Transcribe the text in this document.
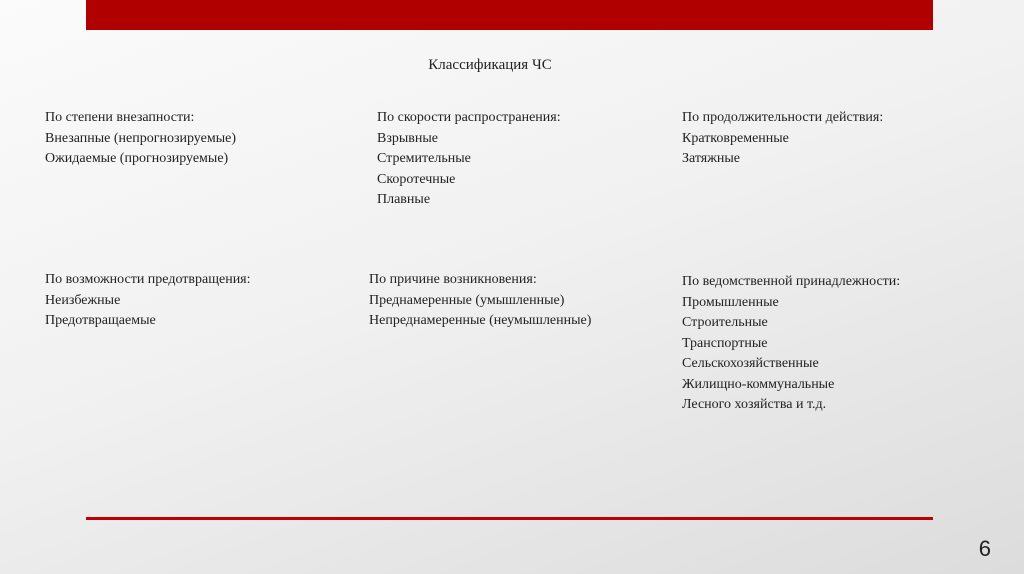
Классификация ЧС
По степени внезапности:
Внезапные (непрогнозируемые)
Ожидаемые (прогнозируемые)
По скорости распространения:
Взрывные
Стремительные
Скоротечные
Плавные
По продолжительности действия:
Кратковременные
Затяжные
По возможности предотвращения:
Неизбежные
Предотвращаемые
По причине возникновения:
Преднамеренные (умышленные)
Непреднамеренные (неумышленные)
По ведомственной принадлежности:
Промышленные
Строительные
Транспортные
Сельскохозяйственные
Жилищно-коммунальные
Лесного хозяйства и т.д.
6
